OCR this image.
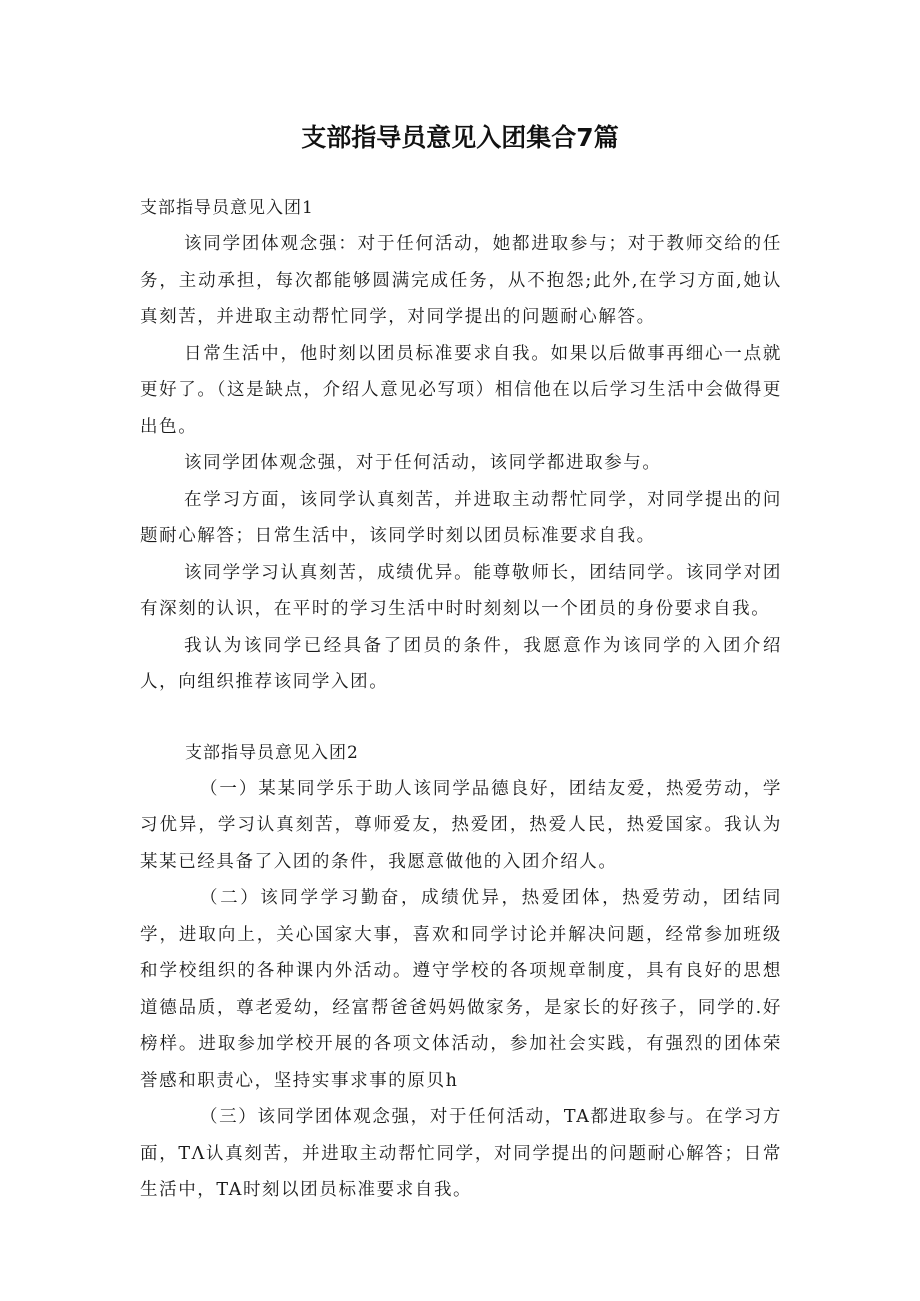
支部指导员意见入团集合7篇
支部指导员意见入团1

该同学团体观念强：对于任何活动，她都进取参与；对于教师交给的任务，主动承担，每次都能够圆满完成任务，从不抱怨;此外,在学习方面,她认真刻苦，并进取主动帮忙同学，对同学提出的问题耐心解答。

日常生活中，他时刻以团员标准要求自我。如果以后做事再细心一点就更好了。（这是缺点，介绍人意见必写项）相信他在以后学习生活中会做得更出色。

该同学团体观念强，对于任何活动，该同学都进取参与。

在学习方面，该同学认真刻苦，并进取主动帮忙同学，对同学提出的问题耐心解答；日常生活中，该同学时刻以团员标准要求自我。

该同学学习认真刻苦，成绩优异。能尊敬师长，团结同学。该同学对团有深刻的认识，在平时的学习生活中时时刻刻以一个团员的身份要求自我。

我认为该同学已经具备了团员的条件，我愿意作为该同学的入团介绍人，向组织推荐该同学入团。

支部指导员意见入团2

（一）某某同学乐于助人该同学品德良好，团结友爱，热爱劳动，学习优异，学习认真刻苦，尊师爱友，热爱团，热爱人民，热爱国家。我认为某某已经具备了入团的条件，我愿意做他的入团介绍人。

（二）该同学学习勤奋，成绩优异，热爱团体，热爱劳动，团结同学，进取向上，关心国家大事，喜欢和同学讨论并解决问题，经常参加班级和学校组织的各种课内外活动。遵守学校的各项规章制度，具有良好的思想道德品质，尊老爱幼，经富帮爸爸妈妈做家务，是家长的好孩子，同学的.好榜样。进取参加学校开展的各项文体活动，参加社会实践，有强烈的团体荣誉感和职责心，坚持实事求事的原贝h

（三）该同学团体观念强，对于任何活动，TA都进取参与。在学习方面，TΛ认真刻苦，并进取主动帮忙同学，对同学提出的问题耐心解答；日常生活中，TA时刻以团员标准要求自我。
